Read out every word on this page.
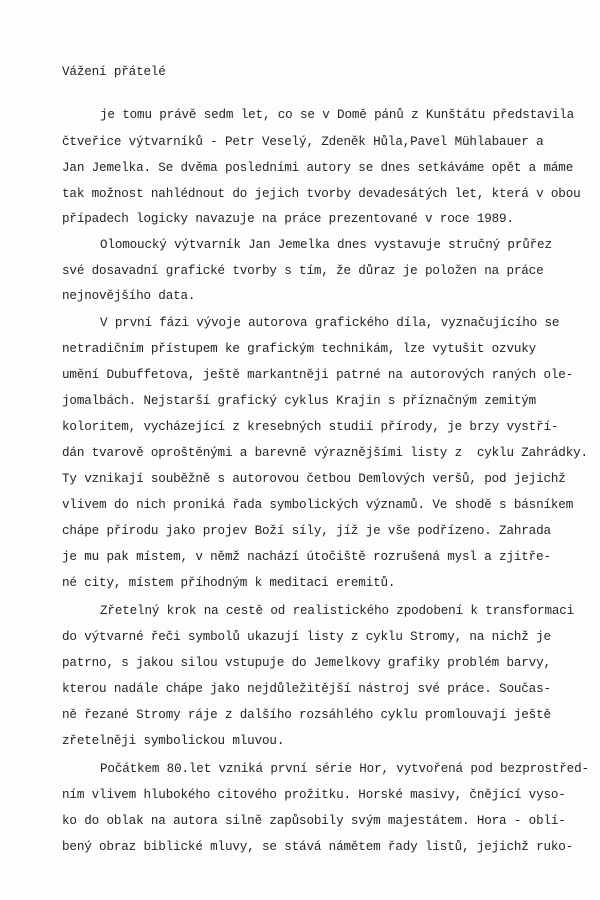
Vážení přátelé
je tomu právě sedm let, co se v Domě pánů z Kunštátu představila
čtveřice výtvarníků - Petr Veselý, Zdeněk Hůla,Pavel Mühlabauer a
Jan Jemelka. Se dvěma posledními autory se dnes setkáváme opět a máme
tak možnost nahlédnout do jejich tvorby devadesátých let, která v obou
případech logicky navazuje na práce prezentované v roce 1989.
Olomoucký výtvarník Jan Jemelka dnes vystavuje stručný průřez
své dosavadní grafické tvorby s tím, že důraz je položen na práce
nejnovějšího data.
V první fázi vývoje autorova grafického díla, vyznačujícího se
netradičním přístupem ke grafickým technikám, lze vytušit ozvuky
umění Dubuffetova, ještě markantněji patrné na autorových raných ole-
jomalbách. Nejstarší grafický cyklus Krajin s příznačným zemitým
koloritem, vycházející z kresebných studií přírody, je brzy vystří-
dán tvarově oproštěnými a barevně výraznějšími listy z  cyklu Zahrádky.
Ty vznikají souběžně s autorovou četbou Demlových veršů, pod jejichž
vlivem do nich proniká řada symbolických významů. Ve shodě s básníkem
chápe přírodu jako projev Boží síly, jíž je vše podřízeno. Zahrada
je mu pak místem, v němž nachází útočiště rozrušená mysl a zjitře-
né city, místem příhodným k meditaci eremitů.
Zřetelný krok na cestě od realistického zpodobení k transformaci
do výtvarné řeči symbolů ukazují listy z cyklu Stromy, na nichž je
patrno, s jakou silou vstupuje do Jemelkovy grafiky problém barvy,
kterou nadále chápe jako nejdůležitější nástroj své práce. Součas-
ně řezané Stromy ráje z dalšího rozsáhlého cyklu promlouvají ještě
zřetelněji symbolickou mluvou.
Počátkem 80.let vzniká první série Hor, vytvořená pod bezprostřed-
ním vlivem hlubokého citového prožitku. Horské masivy, čnějící vyso-
ko do oblak na autora silně zapůsobily svým majestátem. Hora - oblí-
bený obraz biblické mluvy, se stává námětem řady listů, jejichž ruko-
